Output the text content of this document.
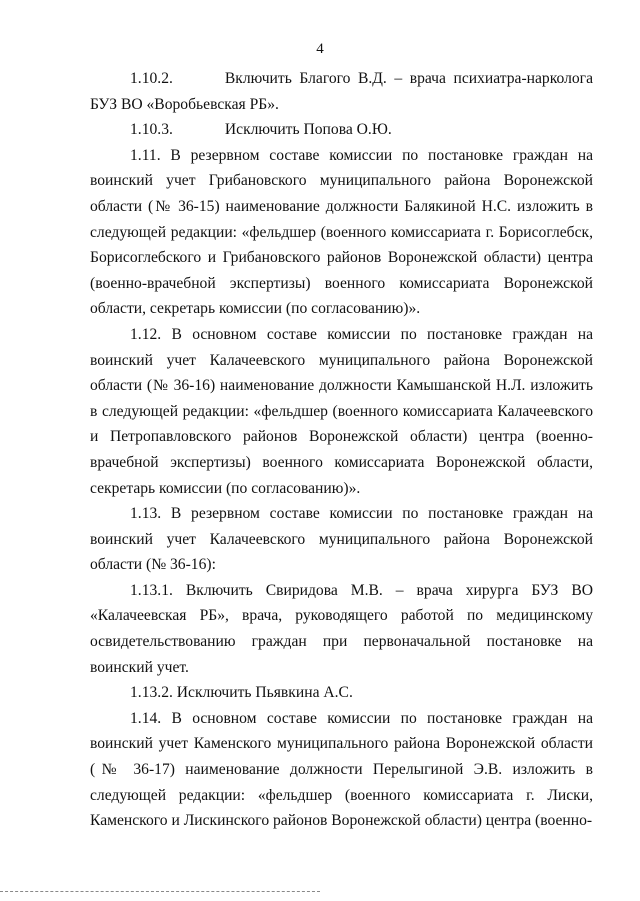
4

1.10.2.	Включить Благого В.Д. – врача психиатра-нарколога БУЗ ВО «Воробьевская РБ».

1.10.3.	Исключить Попова О.Ю.

1.11. В резервном составе комиссии по постановке граждан на воинский учет Грибановского муниципального района Воронежской области (№ 36-15) наименование должности Балякиной Н.С. изложить в следующей редакции: «фельдшер (военного комиссариата г. Борисоглебск, Борисоглебского и Грибановского районов Воронежской области) центра (военно-врачебной экспертизы) военного комиссариата Воронежской области, секретарь комиссии (по согласованию)».

1.12. В основном составе комиссии по постановке граждан на воинский учет Калачеевского муниципального района Воронежской области (№ 36-16) наименование должности Камышанской Н.Л. изложить в следующей редакции: «фельдшер (военного комиссариата Калачеевского и Петропавловского районов Воронежской области) центра (военно-врачебной экспертизы) военного комиссариата Воронежской области, секретарь комиссии (по согласованию)».

1.13. В резервном составе комиссии по постановке граждан на воинский учет Калачеевского муниципального района Воронежской области (№ 36-16):

1.13.1. Включить Свиридова М.В. – врача хирурга БУЗ ВО «Калачеевская РБ», врача, руководящего работой по медицинскому освидетельствованию граждан при первоначальной постановке на воинский учет.

1.13.2. Исключить Пьявкина А.С.

1.14. В основном составе комиссии по постановке граждан на воинский учет Каменского муниципального района Воронежской области (№ 36-17) наименование должности Перелыгиной Э.В. изложить в следующей редакции: «фельдшер (военного комиссариата г. Лиски, Каменского и Лискинского районов Воронежской области) центра (военно-
